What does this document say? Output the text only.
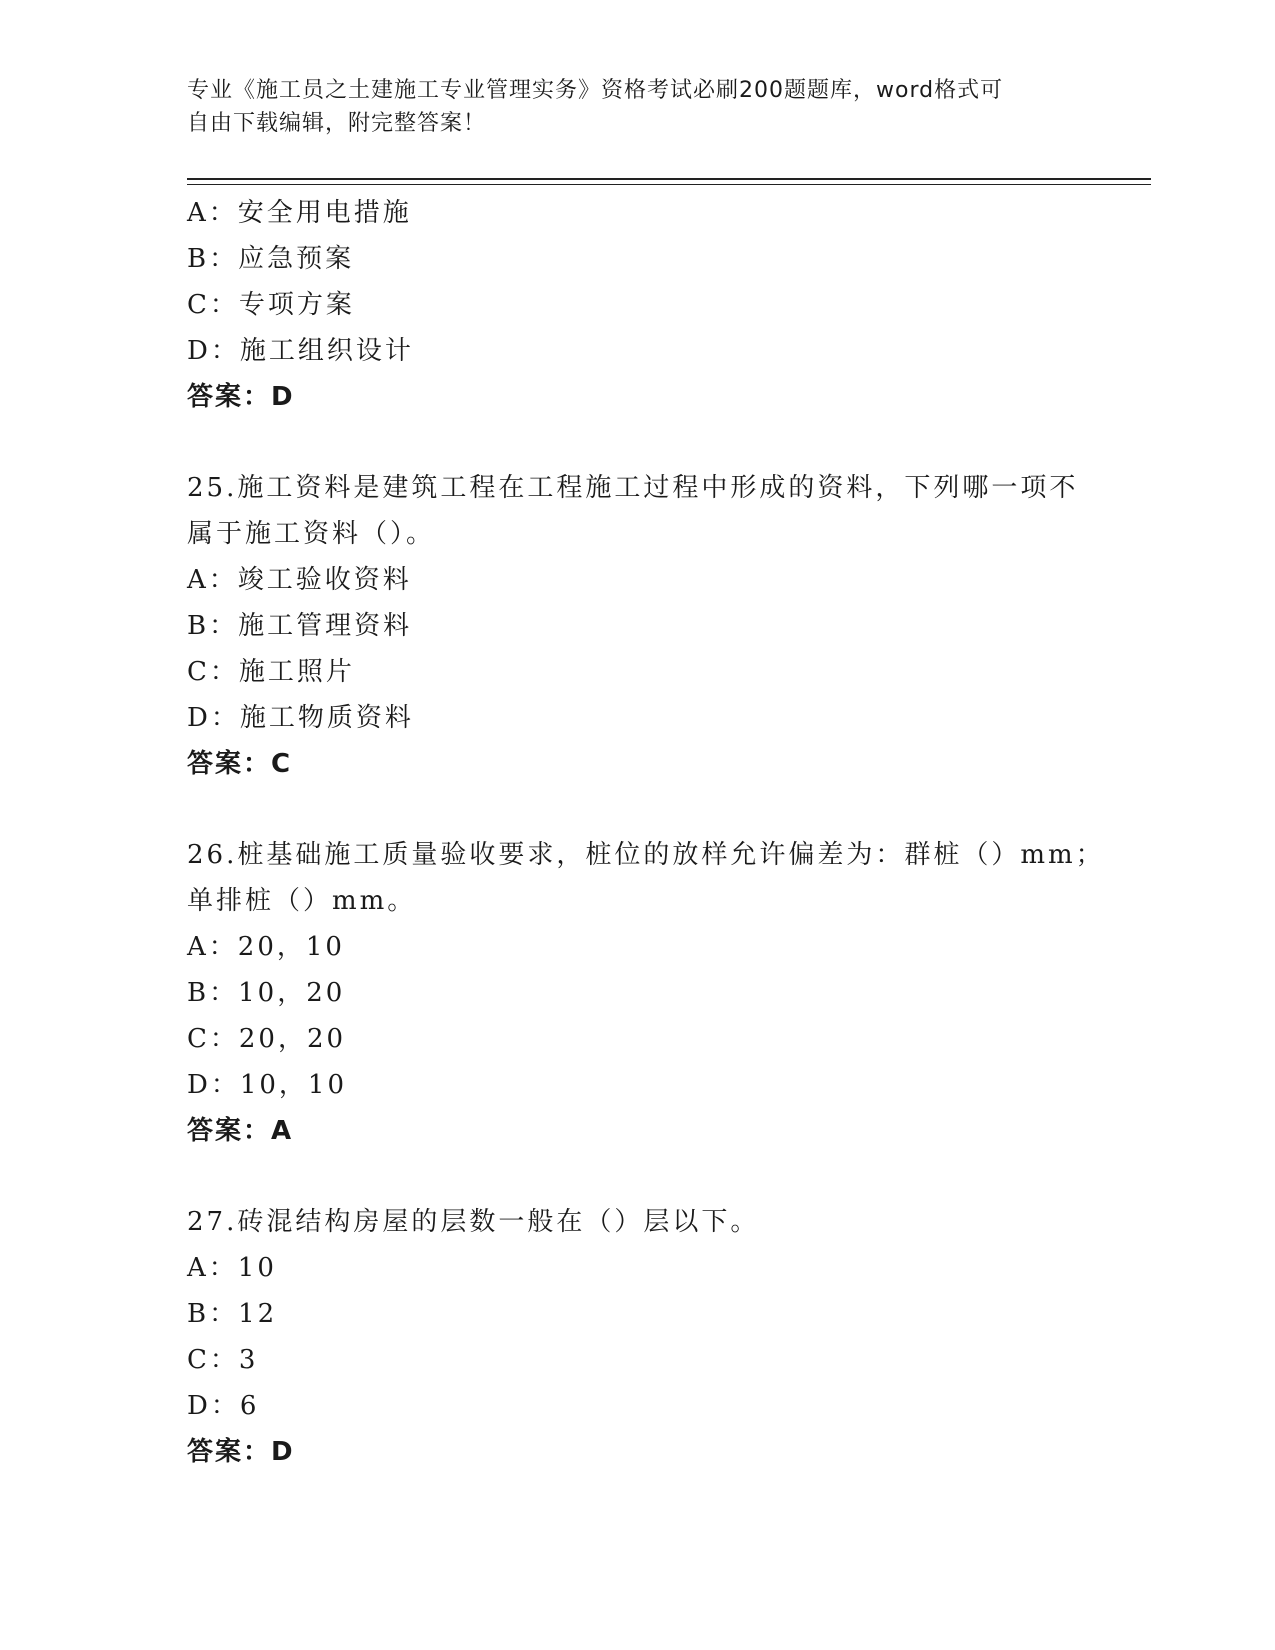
专业《施工员之土建施工专业管理实务》资格考试必刷200题题库，word格式可
自由下载编辑，附完整答案！
A：安全用电措施
B：应急预案
C：专项方案
D：施工组织设计
答案：D
25.施工资料是建筑工程在工程施工过程中形成的资料，下列哪一项不
属于施工资料（）。
A：竣工验收资料
B：施工管理资料
C：施工照片
D：施工物质资料
答案：C
26.桩基础施工质量验收要求，桩位的放样允许偏差为：群桩（）mm；
单排桩（）mm。
A：20，10
B：10，20
C：20，20
D：10，10
答案：A
27.砖混结构房屋的层数一般在（）层以下。
A：10
B：12
C：3
D：6
答案：D
